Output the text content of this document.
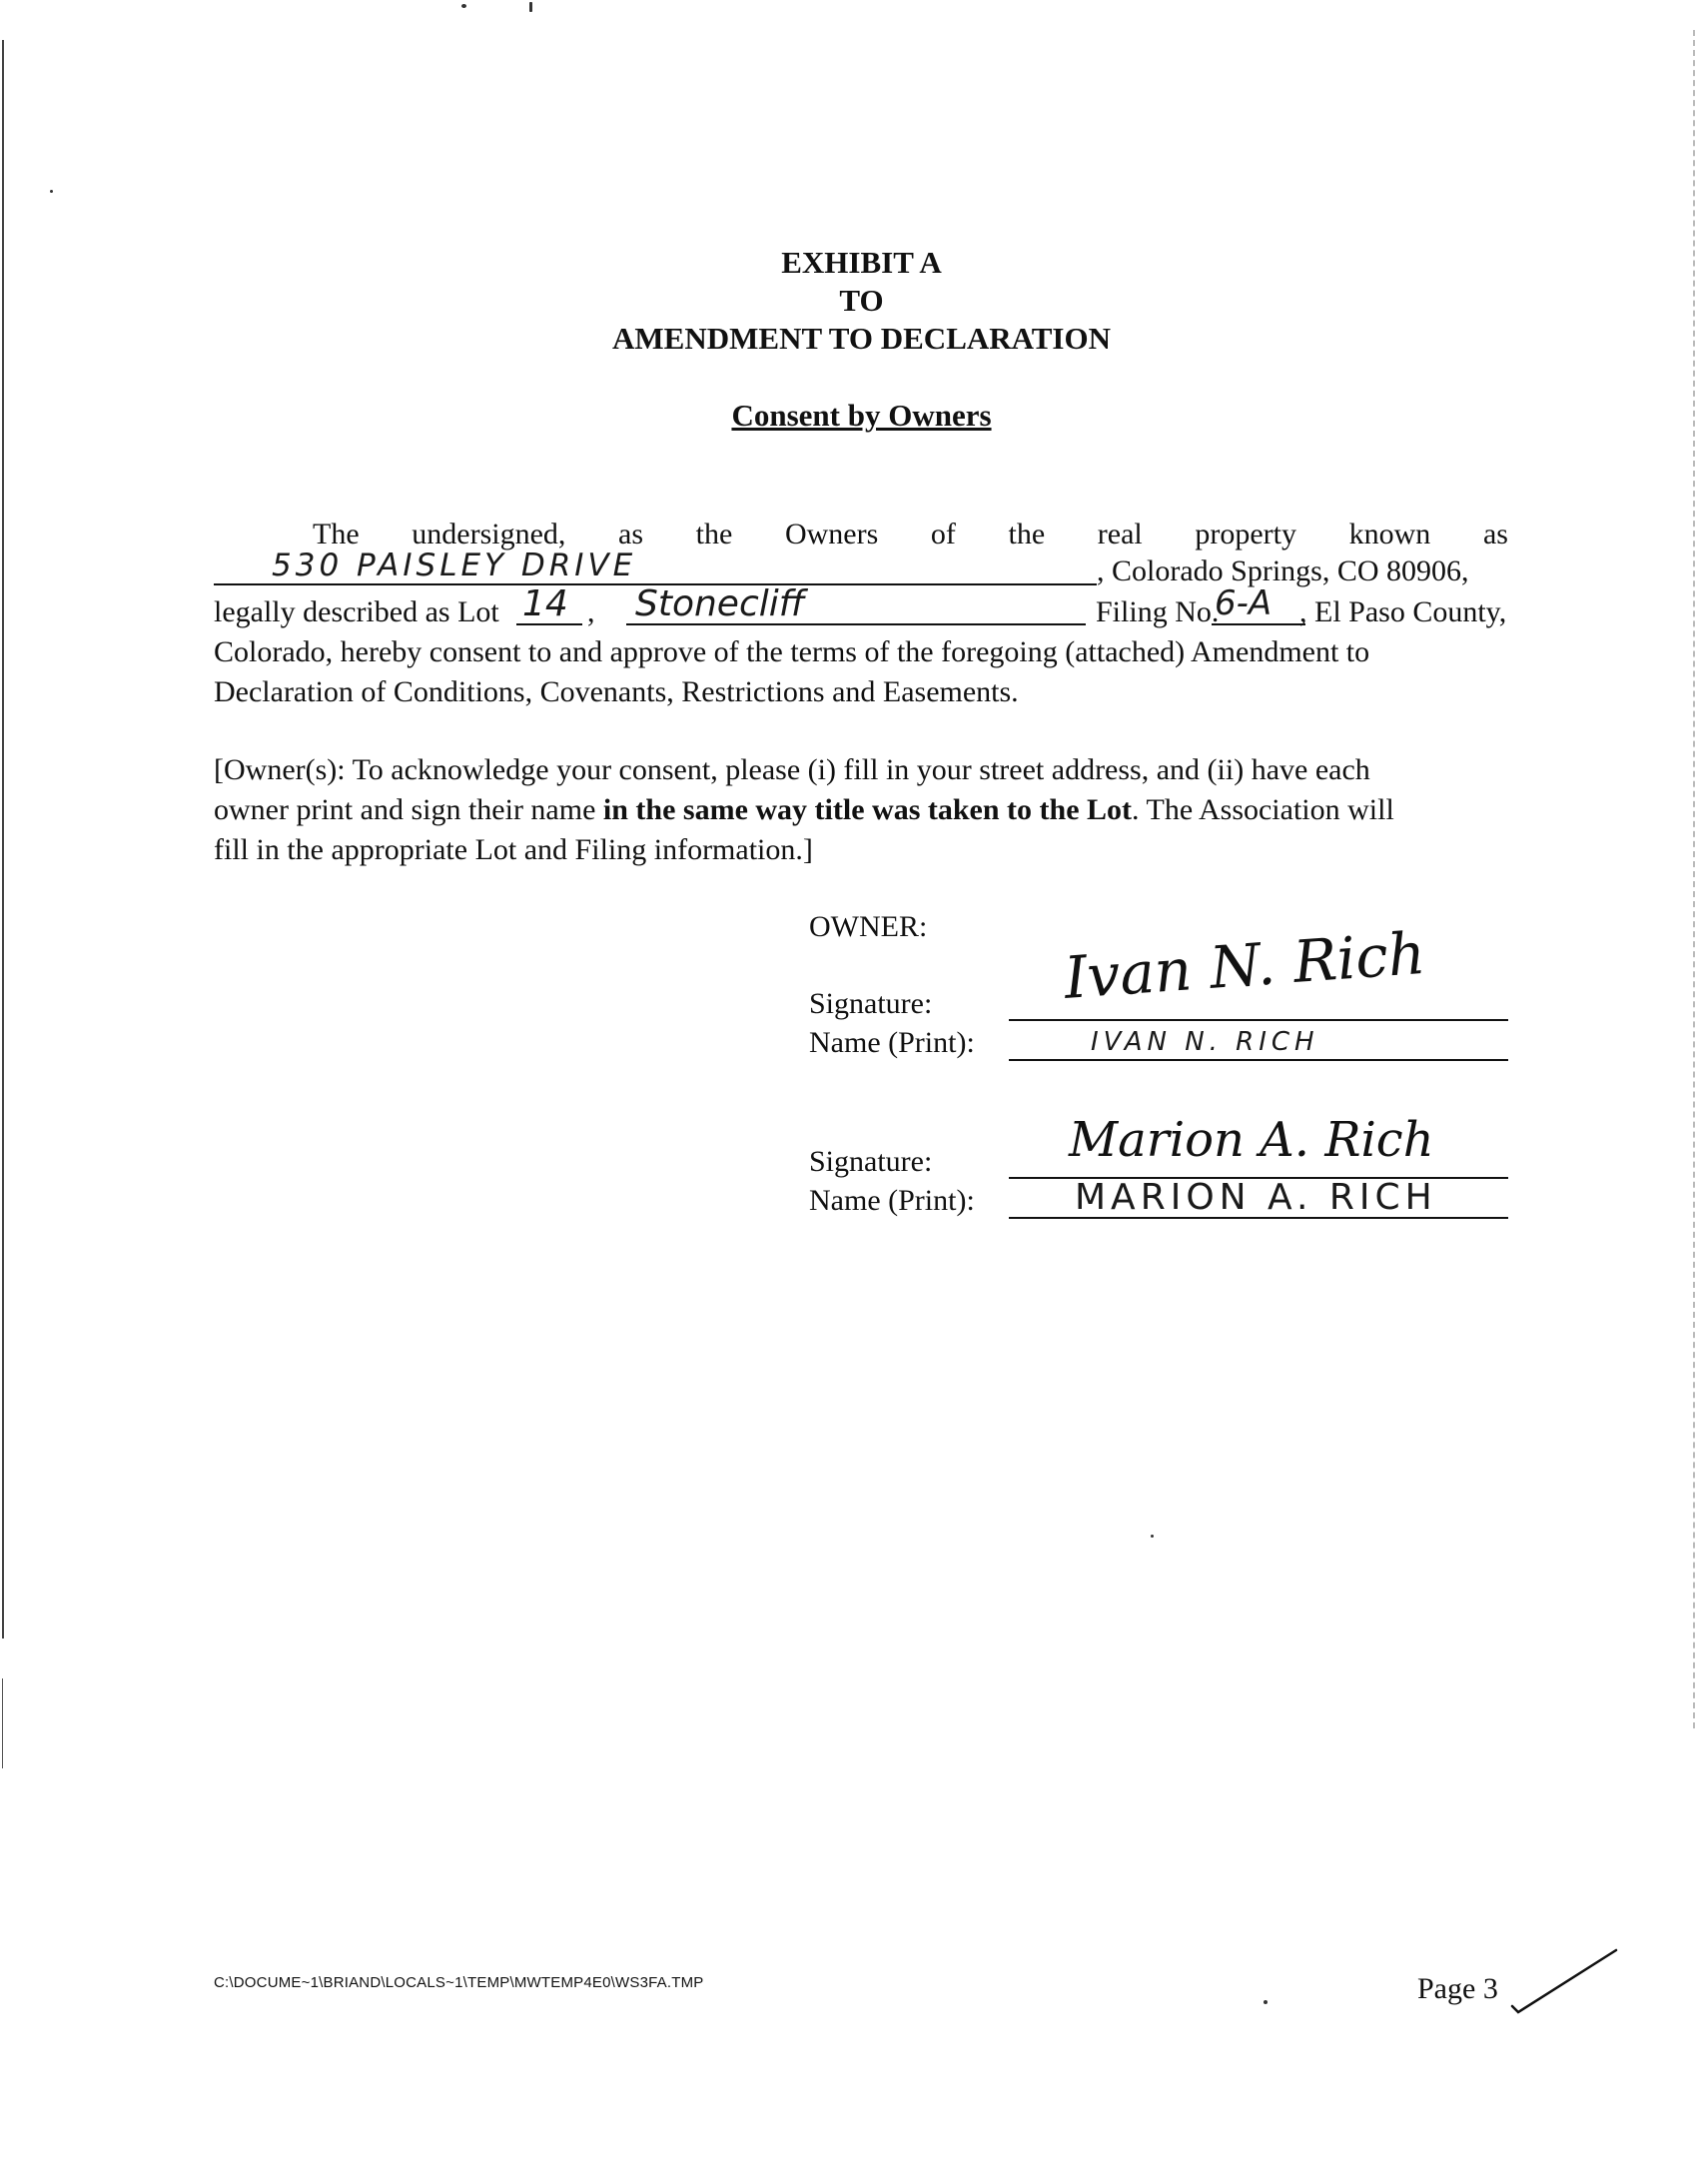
EXHIBIT A
TO
AMENDMENT TO DECLARATION
Consent by Owners
The undersigned, as the Owners of the real property known as
530 PAISLEY DRIVE	, Colorado Springs, CO 80906,
legally described as Lot 14 , Stonecliff	Filing No.
6-A , El Paso County,
Colorado, hereby consent to and approve of the terms of the foregoing (attached) Amendment to
Declaration of Conditions, Covenants, Restrictions and Easements.
[Owner(s): To acknowledge your consent, please (i) fill in your street address, and (ii) have each
owner print and sign their name in the same way title was taken to the Lot. The Association will
fill in the appropriate Lot and Filing information.]
OWNER:
Signature: Ivan N. Rich
Name (Print):	IVAN N. RICH
Signature:	Marion A. Rich
Name (Print):	MARION A. RICH
C:\DOCUME~1\BRIAND\LOCALS~1\TEMP\MWTEMP4E0\WS3FA.TMP	Page 3
